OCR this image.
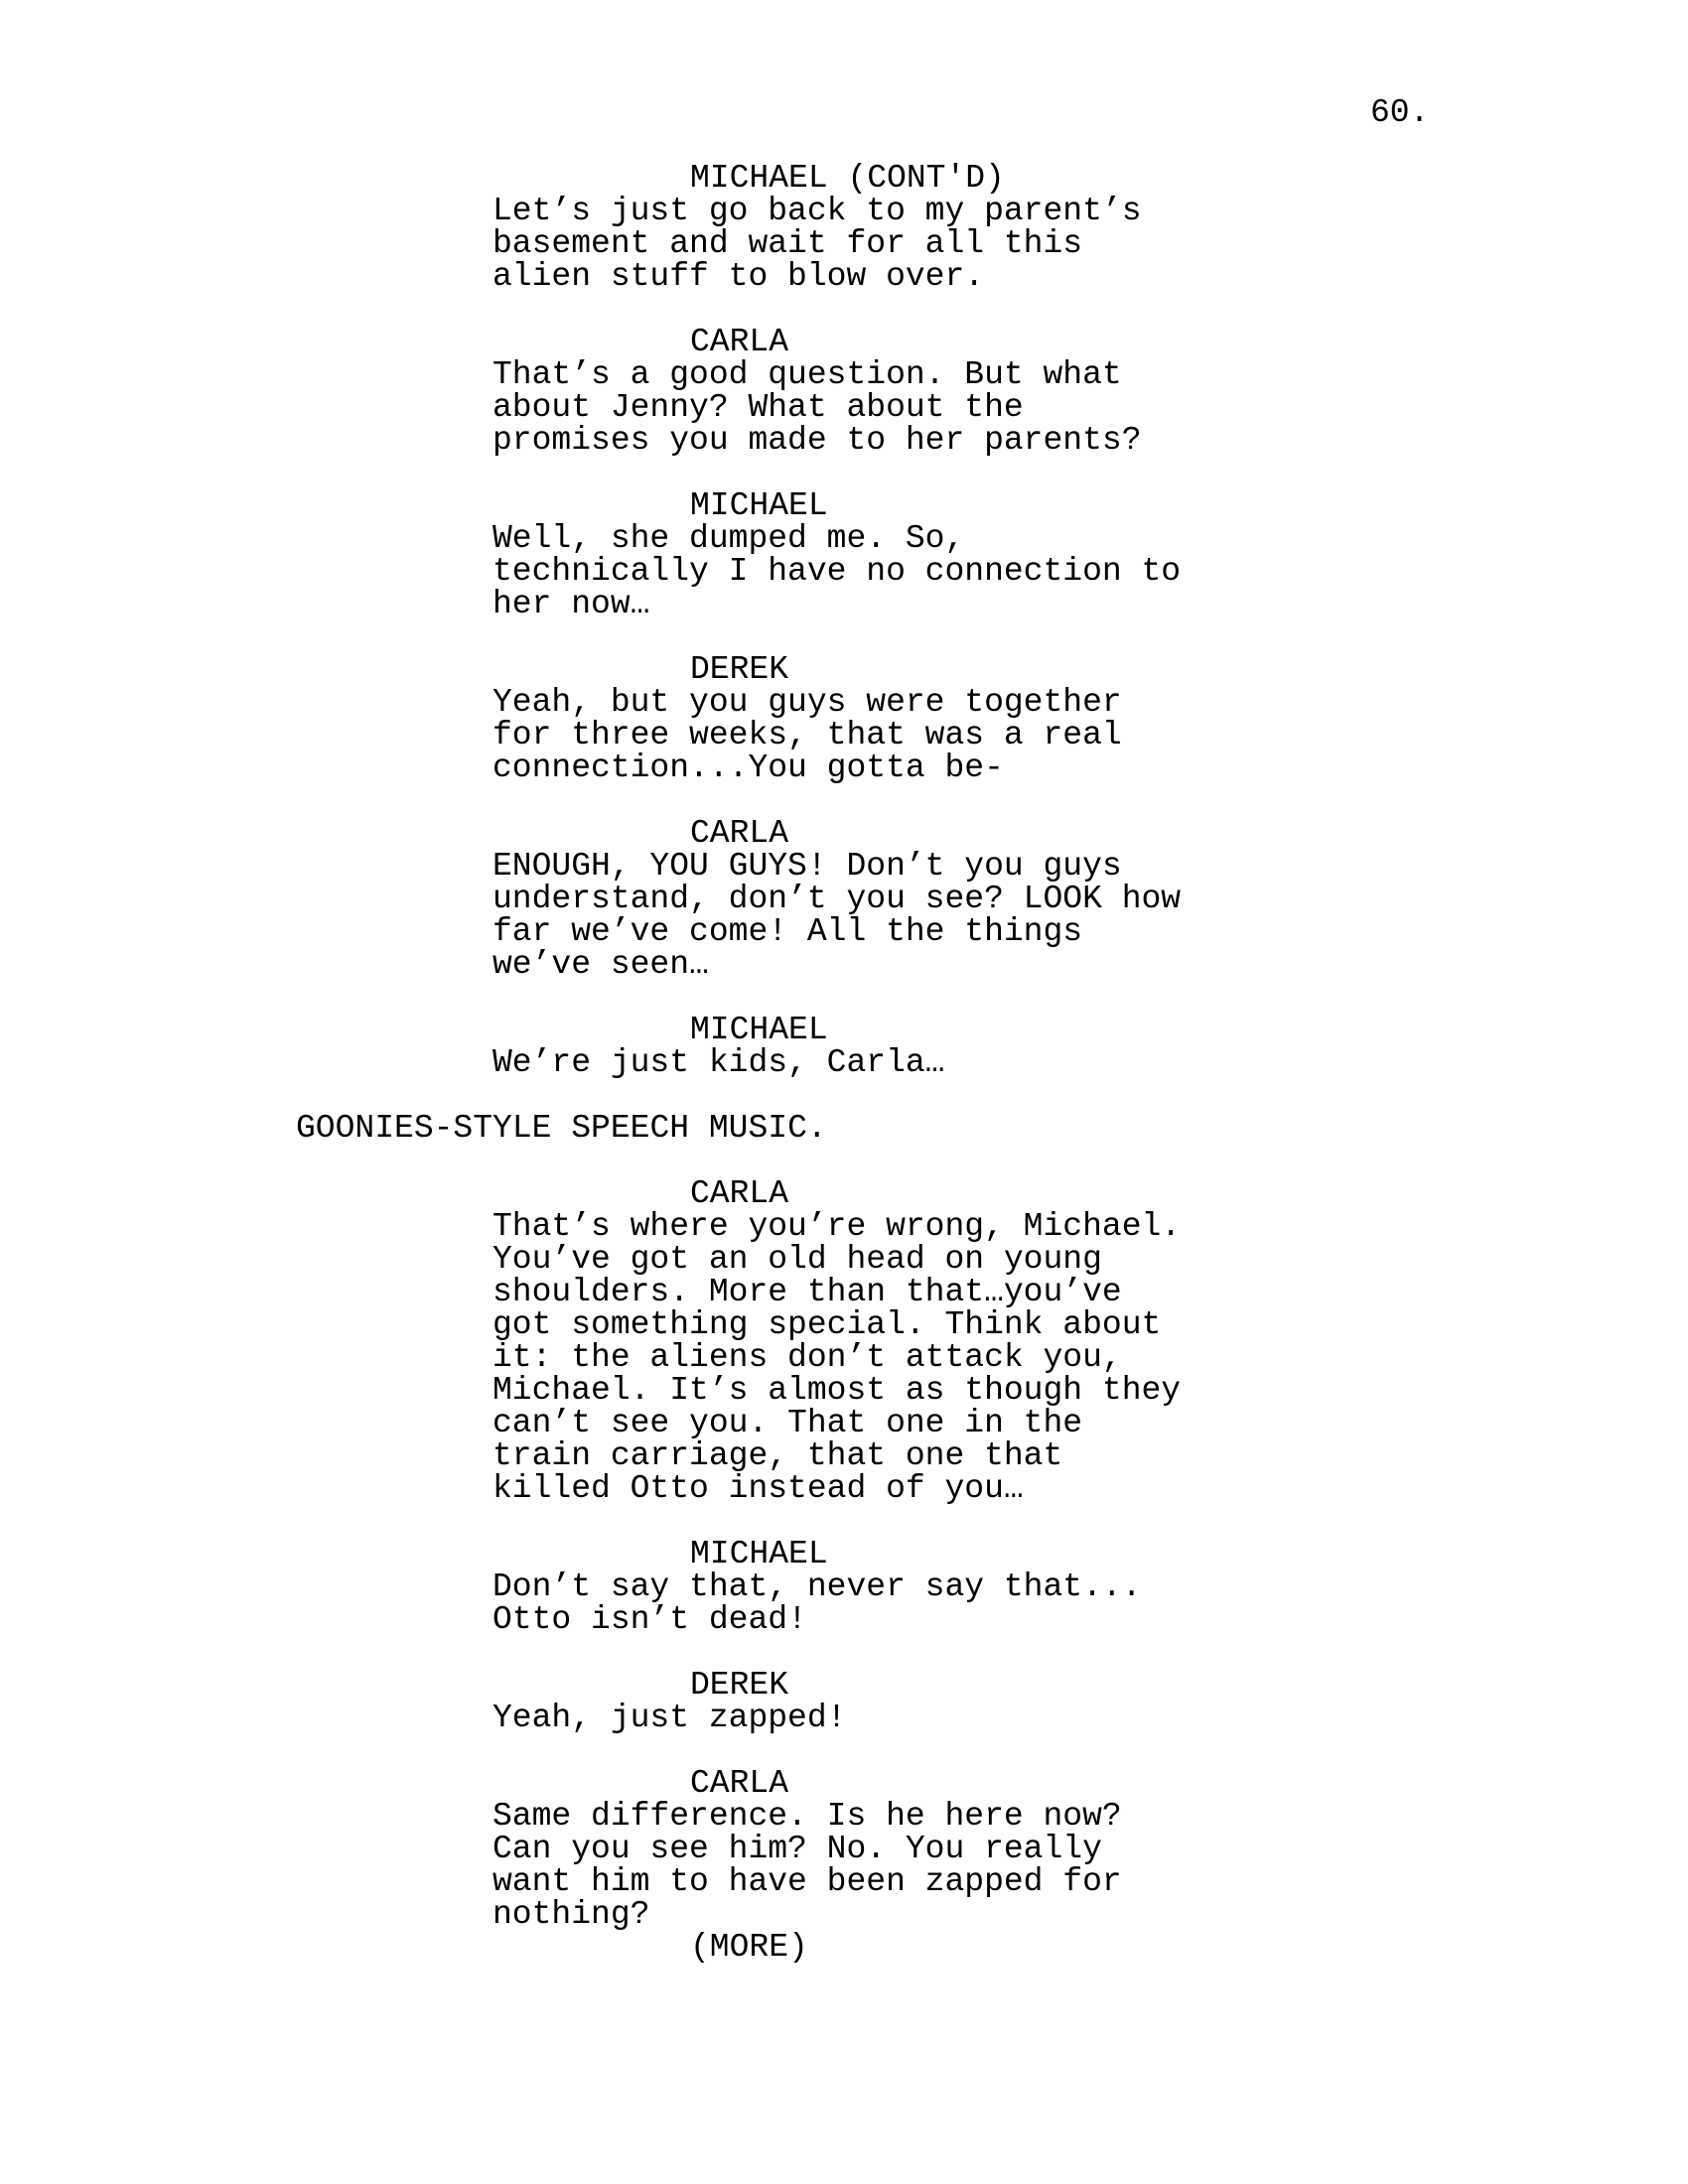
60.
MICHAEL (CONT'D)
Let’s just go back to my parent’s
basement and wait for all this
alien stuff to blow over.
CARLA
That’s a good question. But what
about Jenny? What about the
promises you made to her parents?
MICHAEL
Well, she dumped me. So,
technically I have no connection to
her now…
DEREK
Yeah, but you guys were together
for three weeks, that was a real
connection...You gotta be-
CARLA
ENOUGH, YOU GUYS! Don’t you guys
understand, don’t you see? LOOK how
far we’ve come! All the things
we’ve seen…
MICHAEL
We’re just kids, Carla…
GOONIES-STYLE SPEECH MUSIC.
CARLA
That’s where you’re wrong, Michael.
You’ve got an old head on young
shoulders. More than that…you’ve
got something special. Think about
it: the aliens don’t attack you,
Michael. It’s almost as though they
can’t see you. That one in the
train carriage, that one that
killed Otto instead of you…
MICHAEL
Don’t say that, never say that...
Otto isn’t dead!
DEREK
Yeah, just zapped!
CARLA
Same difference. Is he here now?
Can you see him? No. You really
want him to have been zapped for
nothing?
(MORE)
